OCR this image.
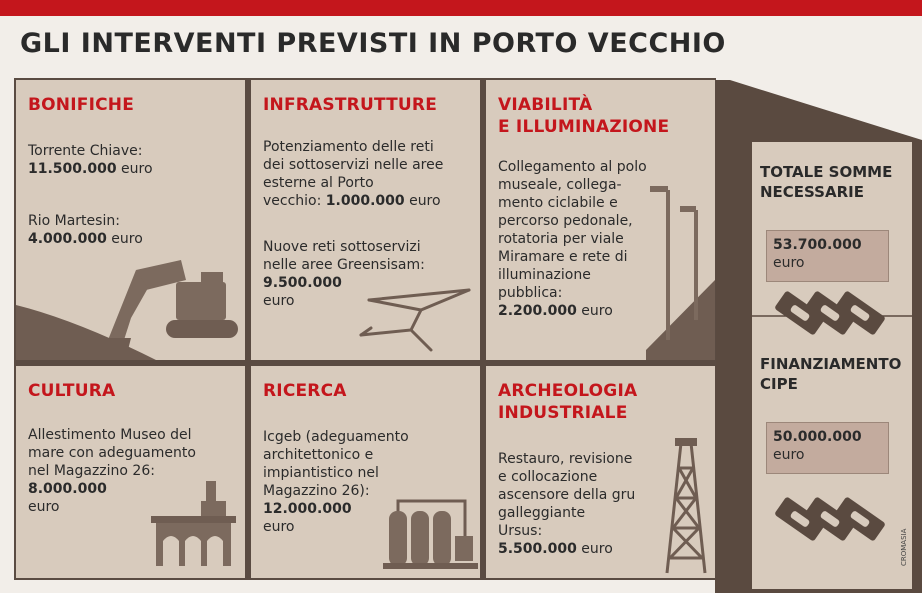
GLI INTERVENTI PREVISTI IN PORTO VECCHIO
BONIFICHE
Torrente Chiave:
11.500.000 euro
Rio Martesin:
4.000.000 euro
INFRASTRUTTURE
Potenziamento delle reti
dei sottoservizi nelle aree
esterne al Porto
vecchio: 1.000.000 euro
Nuove reti sottoservizi
nelle aree Greensisam:
9.500.000
euro
VIABILITÀ
E ILLUMINAZIONE
Collegamento al polo
museale, collega-
mento ciclabile e
percorso pedonale,
rotatoria per viale
Miramare e rete di
illuminazione
pubblica:
2.200.000 euro
CULTURA
Allestimento Museo del
mare con adeguamento
nel Magazzino 26:
8.000.000
euro
RICERCA
Icgeb (adeguamento
architettonico e
impiantistico nel
Magazzino 26):
12.000.000
euro
ARCHEOLOGIA
INDUSTRIALE
Restauro, revisione
e collocazione
ascensore della gru
galleggiante
Ursus:
5.500.000 euro
TOTALE SOMME
NECESSARIE
53.700.000
euro
FINANZIAMENTO
CIPE
50.000.000
euro
CROMASIA
